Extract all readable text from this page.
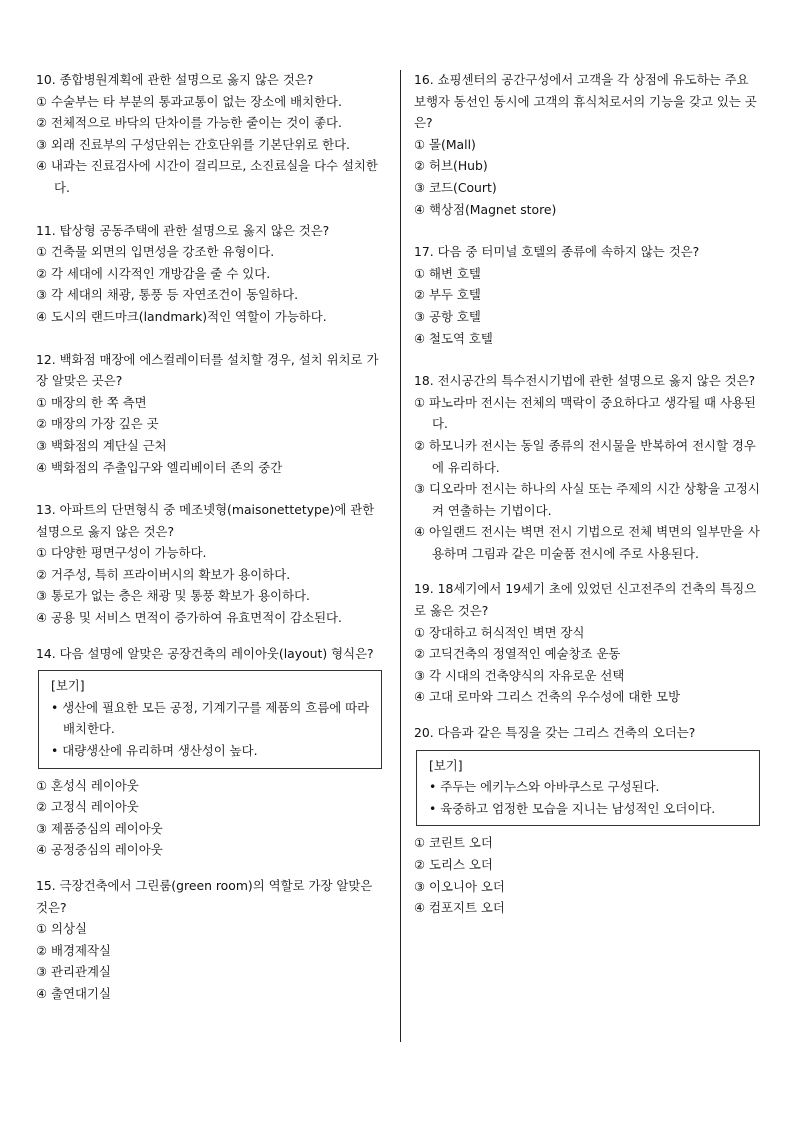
10. 종합병원계획에 관한 설명으로 옳지 않은 것은?

① 수술부는 타 부분의 통과교통이 없는 장소에 배치한다.

② 전체적으로 바닥의 단차이를 가능한 줄이는 것이 좋다.

③ 외래 진료부의 구성단위는 간호단위를 기본단위로 한다.

④ 내과는 진료검사에 시간이 걸리므로, 소진료실을 다수 설치한다.

11. 탑상형 공동주택에 관한 설명으로 옳지 않은 것은?

① 건축물 외면의 입면성을 강조한 유형이다.

② 각 세대에 시각적인 개방감을 줄 수 있다.

③ 각 세대의 채광, 통풍 등 자연조건이 동일하다.

④ 도시의 랜드마크(landmark)적인 역할이 가능하다.

12. 백화점 매장에 에스컬레이터를 설치할 경우, 설치 위치로 가장 알맞은 곳은?

① 매장의 한 쪽 측면

② 매장의 가장 깊은 곳

③ 백화점의 계단실 근처

④ 백화점의 주출입구와 엘리베이터 존의 중간

13. 아파트의 단면형식 중 메조넷형(maisonettetype)에 관한 설명으로 옳지 않은 것은?

① 다양한 평면구성이 가능하다.

② 거주성, 특히 프라이버시의 확보가 용이하다.

③ 통로가 없는 층은 채광 및 통풍 확보가 용이하다.

④ 공용 및 서비스 면적이 증가하여 유효면적이 감소된다.

14. 다음 설명에 알맞은 공장건축의 레이아웃(layout) 형식은?

[보기]

• 생산에 필요한 모든 공정, 기계기구를 제품의 흐름에 따라 배치한다.

• 대량생산에 유리하며 생산성이 높다.

① 혼성식 레이아웃

② 고정식 레이아웃

③ 제품중심의 레이아웃

④ 공정중심의 레이아웃

15. 극장건축에서 그린룸(green room)의 역할로 가장 알맞은 것은?

① 의상실

② 배경제작실

③ 관리관계실

④ 출연대기실

16. 쇼핑센터의 공간구성에서 고객을 각 상점에 유도하는 주요 보행자 동선인 동시에 고객의 휴식처로서의 기능을 갖고 있는 곳은?

① 몰(Mall)

② 허브(Hub)

③ 코드(Court)

④ 핵상점(Magnet store)

17. 다음 중 터미널 호텔의 종류에 속하지 않는 것은?

① 해변 호텔

② 부두 호텔

③ 공항 호텔

④ 철도역 호텔

18. 전시공간의 특수전시기법에 관한 설명으로 옳지 않은 것은?

① 파노라마 전시는 전체의 맥락이 중요하다고 생각될 때 사용된다.

② 하모니카 전시는 동일 종류의 전시물을 반복하여 전시할 경우에 유리하다.

③ 디오라마 전시는 하나의 사실 또는 주제의 시간 상황을 고정시켜 연출하는 기법이다.

④ 아일랜드 전시는 벽면 전시 기법으로 전체 벽면의 일부만을 사용하며 그림과 같은 미술품 전시에 주로 사용된다.

19. 18세기에서 19세기 초에 있었던 신고전주의 건축의 특징으로 옳은 것은?

① 장대하고 허식적인 벽면 장식

② 고딕건축의 정열적인 예술창조 운동

③ 각 시대의 건축양식의 자유로운 선택

④ 고대 로마와 그리스 건축의 우수성에 대한 모방

20. 다음과 같은 특징을 갖는 그리스 건축의 오더는?

[보기]

• 주두는 에키누스와 아바쿠스로 구성된다.

• 육중하고 엄정한 모습을 지니는 남성적인 오더이다.

① 코린트 오더

② 도리스 오더

③ 이오니아 오더

④ 컴포지트 오더
